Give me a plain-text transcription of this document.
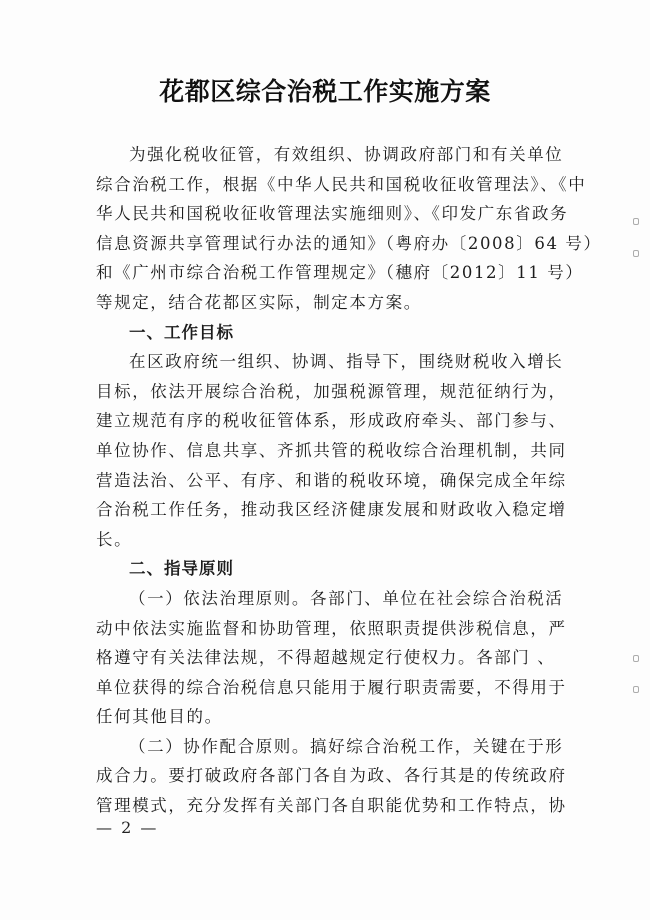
花都区综合治税工作实施方案
为强化税收征管，有效组织、协调政府部门和有关单位
综合治税工作，根据《中华人民共和国税收征收管理法》、《中
华人民共和国税收征收管理法实施细则》、《印发广东省政务
信息资源共享管理试行办法的通知》（粤府办〔2008〕64 号）
和《广州市综合治税工作管理规定》（穗府〔2012〕11 号）
等规定，结合花都区实际，制定本方案。
一、工作目标
在区政府统一组织、协调、指导下，围绕财税收入增长
目标，依法开展综合治税，加强税源管理，规范征纳行为，
建立规范有序的税收征管体系，形成政府牵头、部门参与、
单位协作、信息共享、齐抓共管的税收综合治理机制，共同
营造法治、公平、有序、和谐的税收环境，确保完成全年综
合治税工作任务，推动我区经济健康发展和财政收入稳定增
长。
二、指导原则
（一）依法治理原则。各部门、单位在社会综合治税活
动中依法实施监督和协助管理，依照职责提供涉税信息，严
格遵守有关法律法规，不得超越规定行使权力。各部门 、
单位获得的综合治税信息只能用于履行职责需要，不得用于
任何其他目的。
（二）协作配合原则。搞好综合治税工作，关键在于形
成合力。要打破政府各部门各自为政、各行其是的传统政府
管理模式，充分发挥有关部门各自职能优势和工作特点，协
— 2 —
